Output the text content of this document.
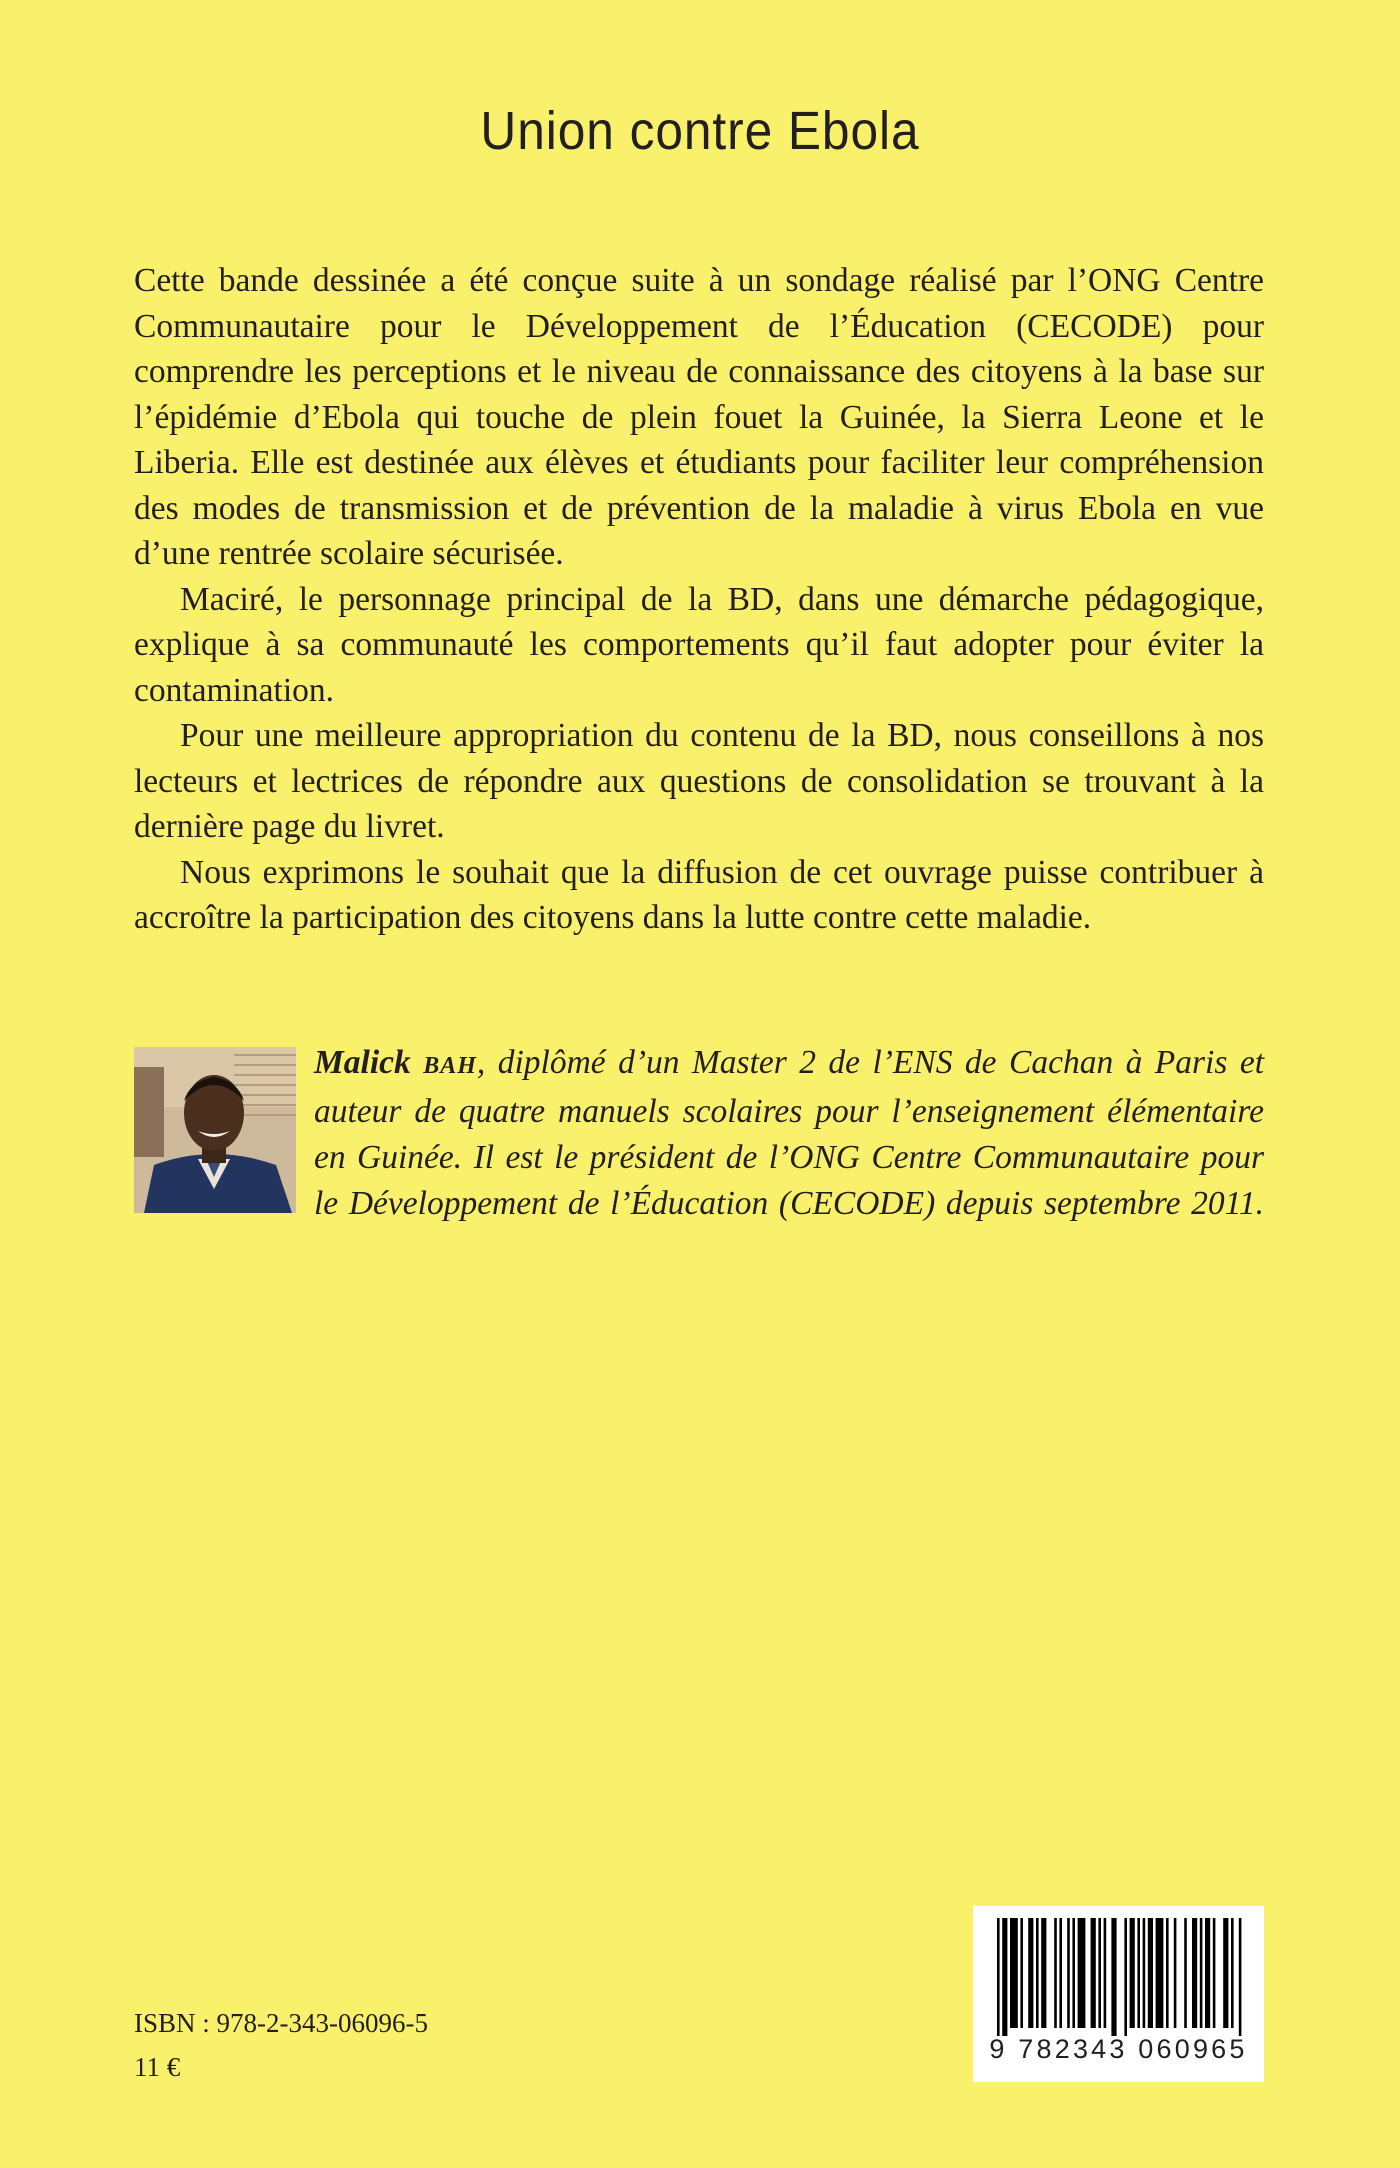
Union contre Ebola

Cette bande dessinée a été conçue suite à un sondage réalisé par l’ONG Centre Communautaire pour le Développement de l’Éducation (CECODE) pour comprendre les perceptions et le niveau de connaissance des citoyens à la base sur l’épidémie d’Ebola qui touche de plein fouet la Guinée, la Sierra Leone et le Liberia. Elle est destinée aux élèves et étudiants pour faciliter leur compréhension des modes de transmission et de prévention de la maladie à virus Ebola en vue d’une rentrée scolaire sécurisée.

Maciré, le personnage principal de la BD, dans une démarche pédagogique, explique à sa communauté les comportements qu’il faut adopter pour éviter la contamination.

Pour une meilleure appropriation du contenu de la BD, nous conseillons à nos lecteurs et lectrices de répondre aux questions de consolidation se trouvant à la dernière page du livret.

Nous exprimons le souhait que la diffusion de cet ouvrage puisse contribuer à accroître la participation des citoyens dans la lutte contre cette maladie.

Malick BAH, diplômé d’un Master 2 de l’ENS de Cachan à Paris et auteur de quatre manuels scolaires pour l’enseignement élémentaire en Guinée. Il est le président de l’ONG Centre Communautaire pour le Développement de l’Éducation (CECODE) depuis septembre 2011.
9 782343 060965
ISBN : 978-2-343-06096-5
11 €
